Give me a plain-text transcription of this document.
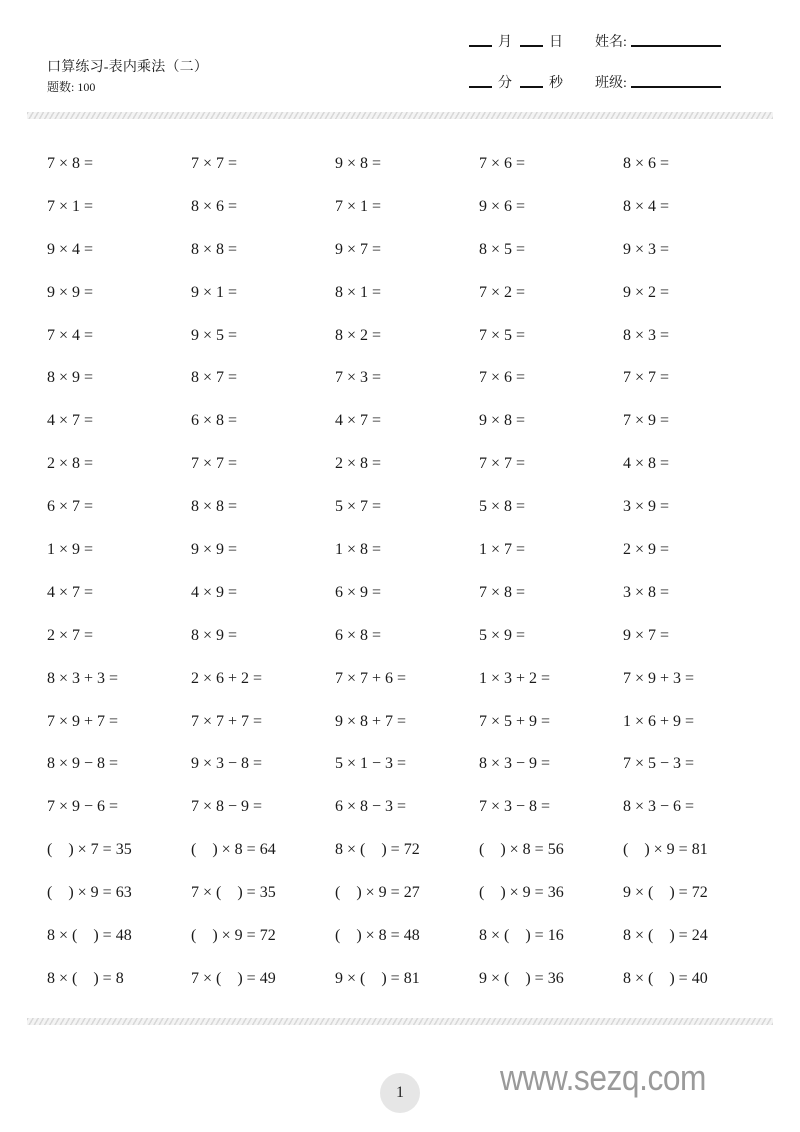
口算练习-表内乘法（二）
题数: 100
月	日 姓名:
分	秒 班级:
7 × 8 =	7 × 7 =	9 × 8 =	7 × 6 =	8 × 6 =
7 × 1 =	8 × 6 =	7 × 1 =	9 × 6 =	8 × 4 =
9 × 4 =	8 × 8 =	9 × 7 =	8 × 5 =	9 × 3 =
9 × 9 =	9 × 1 =	8 × 1 =	7 × 2 =	9 × 2 =
7 × 4 =	9 × 5 =	8 × 2 =	7 × 5 =	8 × 3 =
8 × 9 =	8 × 7 =	7 × 3 =	7 × 6 =	7 × 7 =
4 × 7 =	6 × 8 =	4 × 7 =	9 × 8 =	7 × 9 =
2 × 8 =	7 × 7 =	2 × 8 =	7 × 7 =	4 × 8 =
6 × 7 =	8 × 8 =	5 × 7 =	5 × 8 =	3 × 9 =
1 × 9 =	9 × 9 =	1 × 8 =	1 × 7 =	2 × 9 =
4 × 7 =	4 × 9 =	6 × 9 =	7 × 8 =	3 × 8 =
2 × 7 =	8 × 9 =	6 × 8 =	5 × 9 =	9 × 7 =
8 × 3 + 3 =	2 × 6 + 2 =	7 × 7 + 6 =	1 × 3 + 2 =	7 × 9 + 3 =
7 × 9 + 7 =	7 × 7 + 7 =	9 × 8 + 7 =	7 × 5 + 9 =	1 × 6 + 9 =
8 × 9 − 8 =	9 × 3 − 8 =	5 × 1 − 3 =	8 × 3 − 9 =	7 × 5 − 3 =
7 × 9 − 6 =	7 × 8 − 9 =	6 × 8 − 3 =	7 × 3 − 8 =	8 × 3 − 6 =
(    ) × 7 = 35	(    ) × 8 = 64	8 × (    ) = 72	(    ) × 8 = 56	(    ) × 9 = 81
(    ) × 9 = 63	7 × (    ) = 35	(    ) × 9 = 27	(    ) × 9 = 36	9 × (    ) = 72
8 × (    ) = 48	(    ) × 9 = 72	(    ) × 8 = 48	8 × (    ) = 16	8 × (    ) = 24
8 × (    ) = 8	7 × (    ) = 49	9 × (    ) = 81	9 × (    ) = 36	8 × (    ) = 40
1	www.sezq.com
